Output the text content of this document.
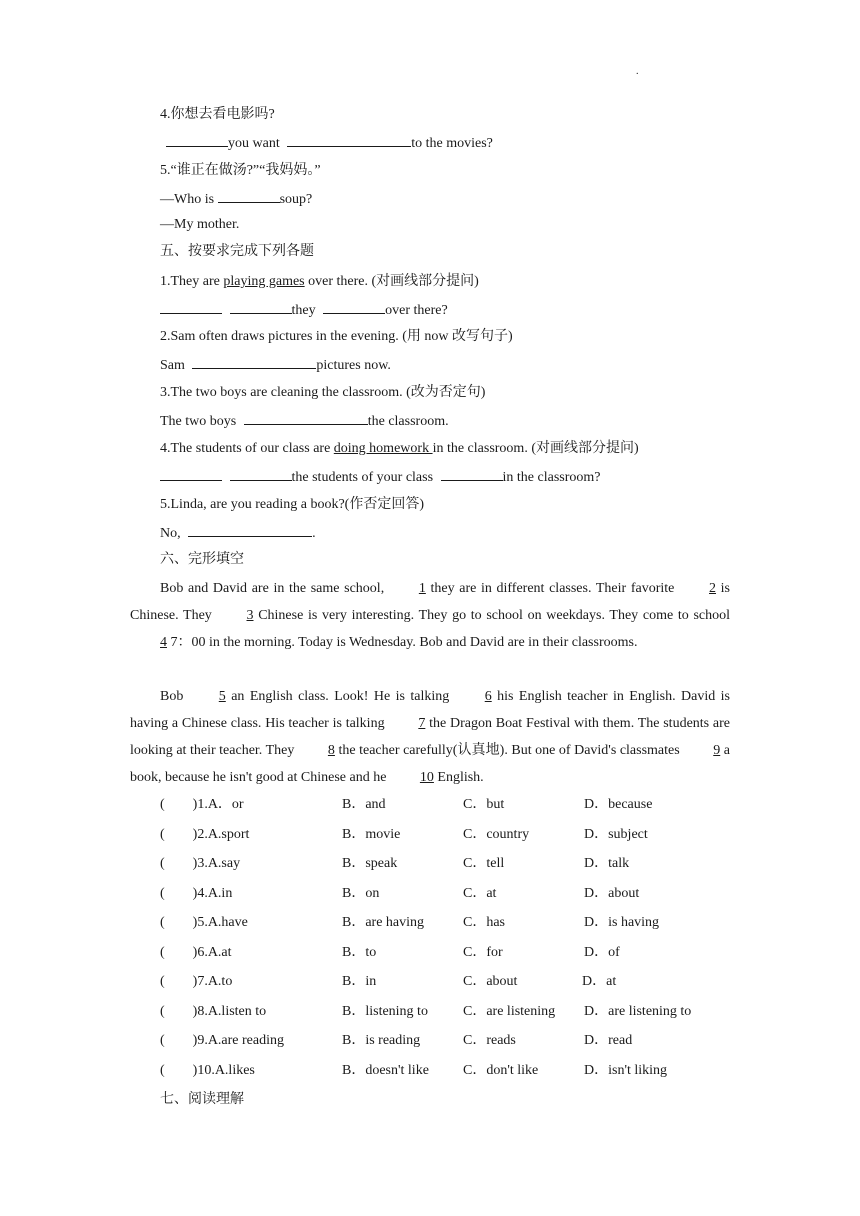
.
4.你想去看电影吗?
you want	to the movies?
5.“谁正在做汤?”“我妈妈。”
—Who is	soup?
—My mother.
五、按要求完成下列各题
1.They are playing games over there. (对画线部分提问)
they	over there?
2.Sam often draws pictures in the evening. (用 now 改写句子)
Sam	pictures now.
3.The two boys are cleaning the classroom. (改为否定句)
The two boys	the classroom.
4.The students of our class are doing homework in the classroom. (对画线部分提问)
the students of your class	in the classroom?
5.Linda, are you reading a book?(作否定回答)
No,	.
六、完形填空
Bob and David are in the same school, 1 they are in different classes. Their favorite 2 is Chinese. They 3 Chinese is very interesting. They go to school on weekdays. They come to school 4 7：00 in the morning. Today is Wednesday. Bob and David are in their classrooms.
Bob 5 an English class. Look! He is talking 6 his English teacher in English. David is having a Chinese class. His teacher is talking 7 the Dragon Boat Festival with them. The students are looking at their teacher. They 8 the teacher carefully(认真地). But one of David's classmates 9 a book, because he isn't good at Chinese and he 10 English.
(　　)1.A．or	B．and	C．but	D．because
(　　)2.A.sport	B．movie	C．country	D．subject
(　　)3.A.say	B．speak	C．tell	D．talk
(　　)4.A.in	B．on	C．at	D．about
(　　)5.A.have	B．are having	C．has	D．is having
(　　)6.A.at	B．to	C．for	D．of
(　　)7.A.to	B．in	C．about	D．at
(　　)8.A.listen to	B．listening to	C．are listening D．are listening to
(　　)9.A.are reading	B．is reading	C．reads	D．read
(　　)10.A.likes	B．doesn't like C．don't like	D．isn't liking
七、阅读理解
